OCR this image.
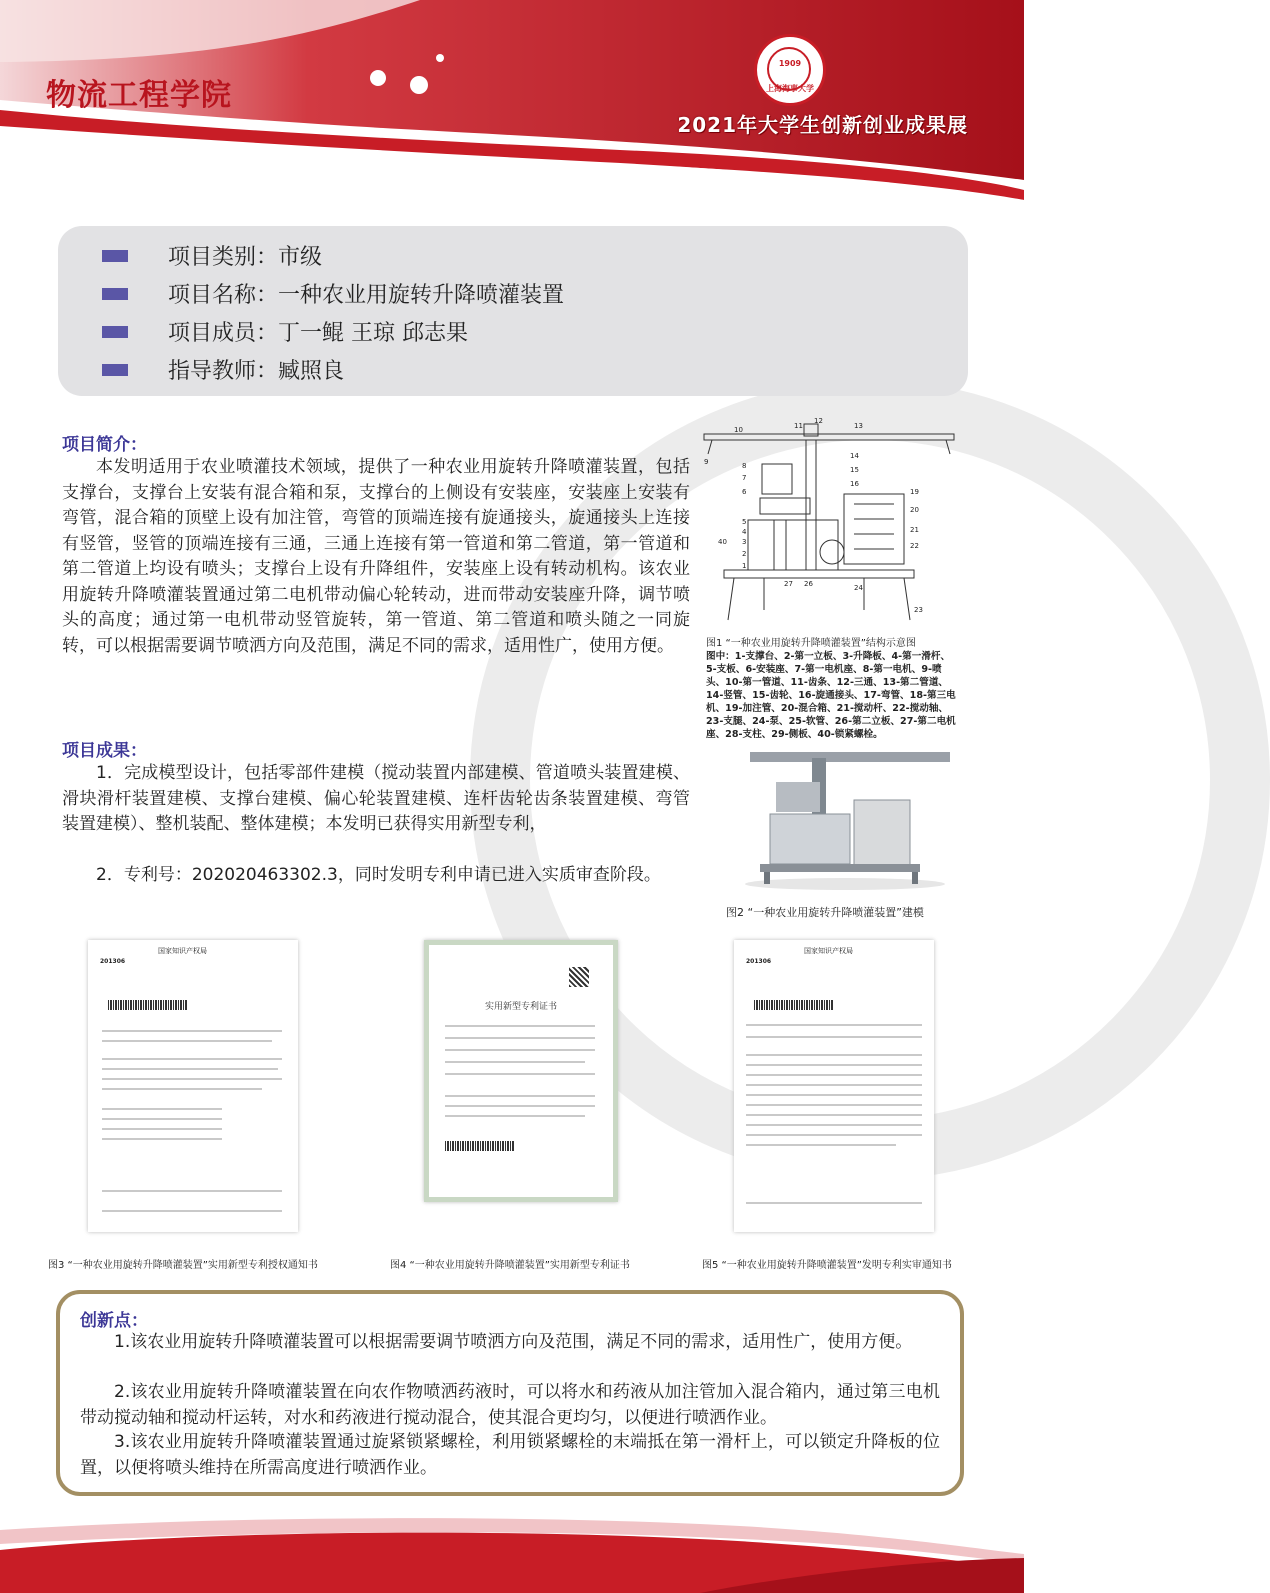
物流工程学院
1909
上海海事大学
2021年大学生创新创业成果展
项目类别：市级
项目名称：一种农业用旋转升降喷灌装置
项目成员：丁一鲲 王琼 邱志果
指导教师：臧照良
项目简介：
本发明适用于农业喷灌技术领域，提供了一种农业用旋转升降喷灌装置，包括支撑台，支撑台上安装有混合箱和泵，支撑台的上侧设有安装座，安装座上安装有弯管，混合箱的顶壁上设有加注管，弯管的顶端连接有旋通接头，旋通接头上连接有竖管，竖管的顶端连接有三通，三通上连接有第一管道和第二管道，第一管道和第二管道上均设有喷头；支撑台上设有升降组件，安装座上设有转动机构。该农业用旋转升降喷灌装置通过第二电机带动偏心轮转动，进而带动安装座升降，调节喷头的高度；通过第一电机带动竖管旋转，第一管道、第二管道和喷头随之一同旋转，可以根据需要调节喷洒方向及范围，满足不同的需求，适用性广，使用方便。
项目成果：
1．完成模型设计，包括零部件建模（搅动装置内部建模、管道喷头装置建模、滑块滑杆装置建模、支撑台建模、偏心轮装置建模、连杆齿轮齿条装置建模、弯管装置建模）、整机装配、整体建模；本发明已获得实用新型专利，
2．专利号：202020463302.3，同时发明专利申请已进入实质审查阶段。
10	11
12
13
9	8
7
6
5
4
3
2
1
14
15
16
19
20
21
22
23
24
26
27
40
图1 “一种农业用旋转升降喷灌装置”结构示意图
图中：1-支撑台、2-第一立板、3-升降板、4-第一滑杆、5-支板、6-安装座、7-第一电机座、8-第一电机、9-喷头、10-第一管道、11-齿条、12-三通、13-第二管道、14-竖管、15-齿轮、16-旋通接头、17-弯管、18-第三电机、19-加注管、20-混合箱、21-搅动杆、22-搅动轴、23-支腿、24-泵、25-软管、26-第二立板、27-第二电机座、28-支柱、29-侧板、40-锁紧螺栓。
图2 “一种农业用旋转升降喷灌装置”建模
国家知识产权局
201306
实用新型专利证书
国家知识产权局
201306
图3 “一种农业用旋转升降喷灌装置”实用新型专利授权通知书	图4 “一种农业用旋转升降喷灌装置”实用新型专利证书	图5 “一种农业用旋转升降喷灌装置”发明专利实审通知书
创新点：
1.该农业用旋转升降喷灌装置可以根据需要调节喷洒方向及范围，满足不同的需求，适用性广，使用方便。
2.该农业用旋转升降喷灌装置在向农作物喷洒药液时，可以将水和药液从加注管加入混合箱内，通过第三电机带动搅动轴和搅动杆运转，对水和药液进行搅动混合，使其混合更均匀，以便进行喷洒作业。
3.该农业用旋转升降喷灌装置通过旋紧锁紧螺栓，利用锁紧螺栓的末端抵在第一滑杆上，可以锁定升降板的位置，以便将喷头维持在所需高度进行喷洒作业。
